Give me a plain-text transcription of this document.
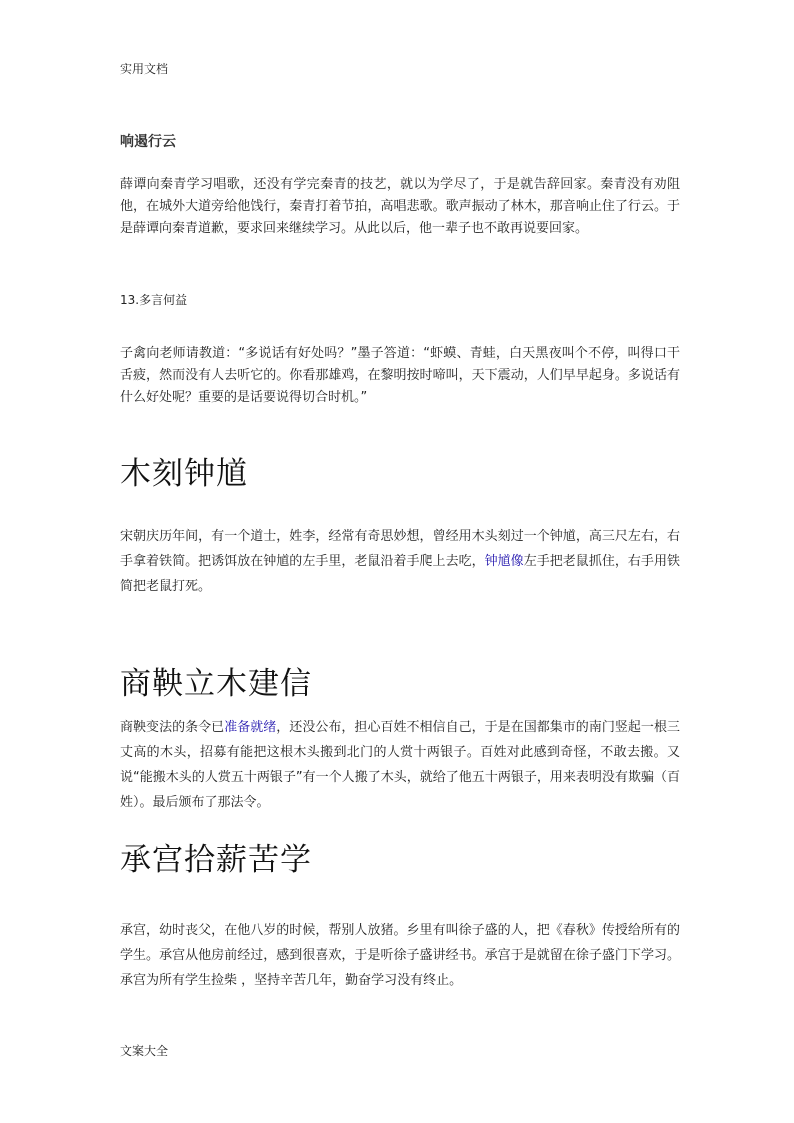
实用文档
响遏行云
薛谭向秦青学习唱歌，还没有学完秦青的技艺，就以为学尽了，于是就告辞回家。秦青没有劝阻他，在城外大道旁给他饯行，秦青打着节拍，高唱悲歌。歌声振动了林木，那音响止住了行云。于是薛谭向秦青道歉，要求回来继续学习。从此以后，他一辈子也不敢再说要回家。
13.多言何益
子禽向老师请教道：“多说话有好处吗？”墨子答道：“虾蟆、青蛙，白天黑夜叫个不停，叫得口干舌疲，然而没有人去听它的。你看那雄鸡，在黎明按时啼叫，天下震动，人们早早起身。多说话有什么好处呢？重要的是话要说得切合时机。”
木刻钟馗
宋朝庆历年间，有一个道士，姓李，经常有奇思妙想，曾经用木头刻过一个钟馗，高三尺左右，右手拿着铁简。把诱饵放在钟馗的左手里，老鼠沿着手爬上去吃，钟馗像左手把老鼠抓住，右手用铁简把老鼠打死。
商鞅立木建信
商鞅变法的条令已准备就绪，还没公布，担心百姓不相信自己，于是在国都集市的南门竖起一根三丈高的木头，招募有能把这根木头搬到北门的人赏十两银子。百姓对此感到奇怪，不敢去搬。又说“能搬木头的人赏五十两银子”有一个人搬了木头，就给了他五十两银子，用来表明没有欺骗（百姓）。最后颁布了那法令。
承宫拾薪苦学
承宫，幼时丧父，在他八岁的时候，帮别人放猪。乡里有叫徐子盛的人，把《春秋》传授给所有的学生。承宫从他房前经过，感到很喜欢，于是听徐子盛讲经书。承宫于是就留在徐子盛门下学习。承宫为所有学生捡柴 ，坚持辛苦几年，勤奋学习没有终止。
文案大全
